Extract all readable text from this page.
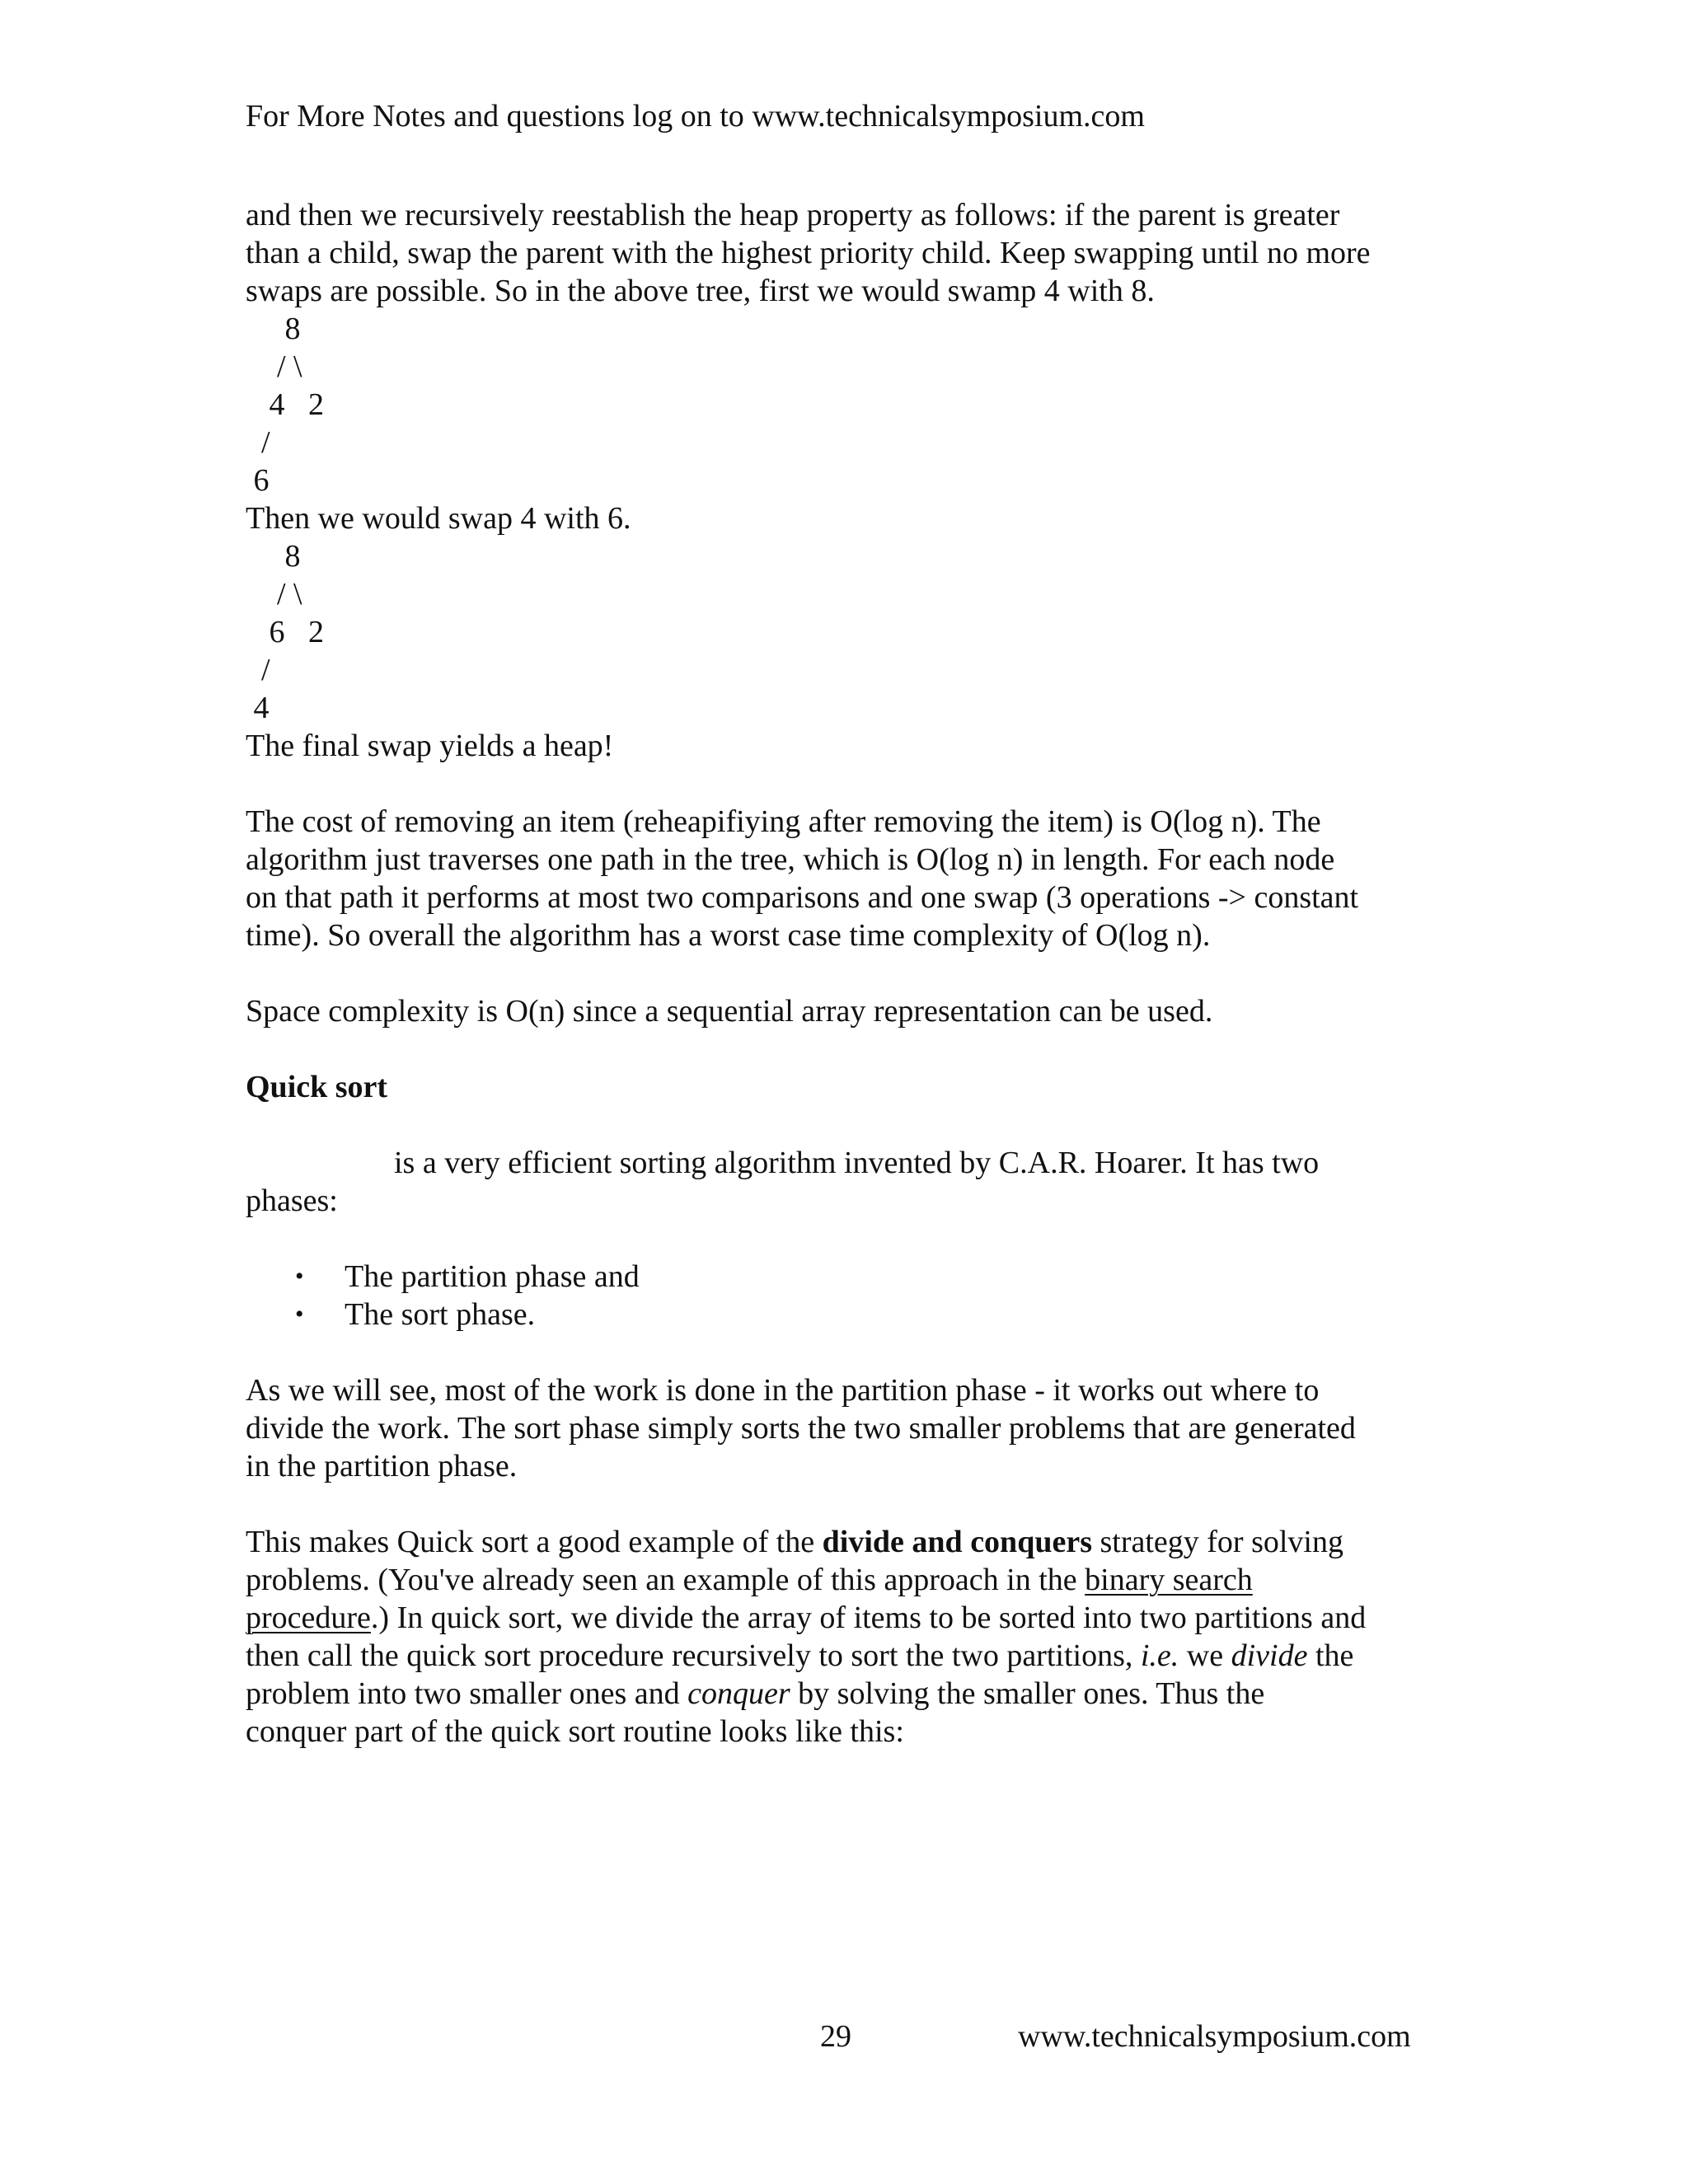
For More Notes and questions log on to www.technicalsymposium.com

and then we recursively reestablish the heap property as follows: if the parent is greater

than a child, swap the parent with the highest priority child. Keep swapping until no more

swaps are possible. So in the above tree, first we would swamp 4 with 8.

8

/ \

4   2

/

6

Then we would swap 4 with 6.

8

/ \

6   2

/

4

The final swap yields a heap!

The cost of removing an item (reheapifiying after removing the item) is O(log n). The

algorithm just traverses one path in the tree, which is O(log n) in length. For each node

on that path it performs at most two comparisons and one swap (3 operations -> constant

time). So overall the algorithm has a worst case time complexity of O(log n).

Space complexity is O(n) since a sequential array representation can be used.

Quick sort

is a very efficient sorting algorithm invented by C.A.R. Hoarer. It has two

phases:

• The partition phase and
• The sort phase.

As we will see, most of the work is done in the partition phase - it works out where to

divide the work. The sort phase simply sorts the two smaller problems that are generated

in the partition phase.

This makes Quick sort a good example of the divide and conquers strategy for solving

problems. (You've already seen an example of this approach in the binary search

procedure.) In quick sort, we divide the array of items to be sorted into two partitions and

then call the quick sort procedure recursively to sort the two partitions, i.e. we divide the

problem into two smaller ones and conquer by solving the smaller ones. Thus the

conquer part of the quick sort routine looks like this:

29	www.technicalsymposium.com
